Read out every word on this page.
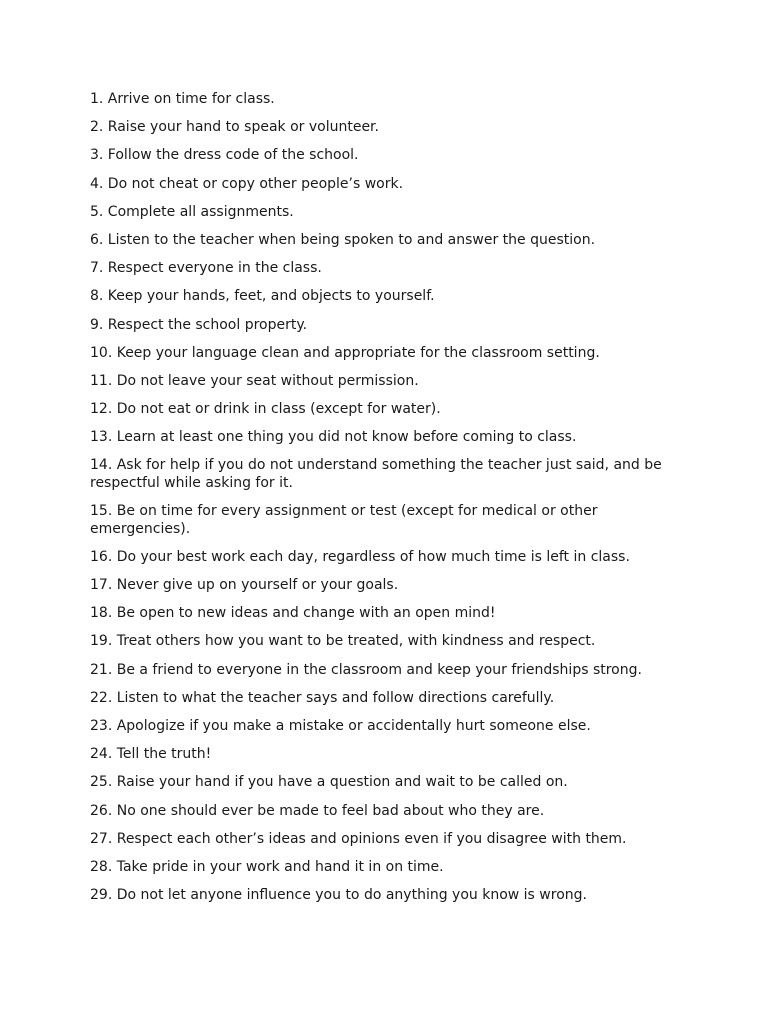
1. Arrive on time for class.
2. Raise your hand to speak or volunteer.
3. Follow the dress code of the school.
4. Do not cheat or copy other people’s work.
5. Complete all assignments.
6. Listen to the teacher when being spoken to and answer the question.
7. Respect everyone in the class.
8. Keep your hands, feet, and objects to yourself.
9. Respect the school property.
10. Keep your language clean and appropriate for the classroom setting.
11. Do not leave your seat without permission.
12. Do not eat or drink in class (except for water).
13. Learn at least one thing you did not know before coming to class.
14. Ask for help if you do not understand something the teacher just said, and be respectful while asking for it.
15. Be on time for every assignment or test (except for medical or other emergencies).
16. Do your best work each day, regardless of how much time is left in class.
17. Never give up on yourself or your goals.
18. Be open to new ideas and change with an open mind!
19. Treat others how you want to be treated, with kindness and respect.
21. Be a friend to everyone in the classroom and keep your friendships strong.
22. Listen to what the teacher says and follow directions carefully.
23. Apologize if you make a mistake or accidentally hurt someone else.
24. Tell the truth!
25. Raise your hand if you have a question and wait to be called on.
26. No one should ever be made to feel bad about who they are.
27. Respect each other’s ideas and opinions even if you disagree with them.
28. Take pride in your work and hand it in on time.
29. Do not let anyone influence you to do anything you know is wrong.
